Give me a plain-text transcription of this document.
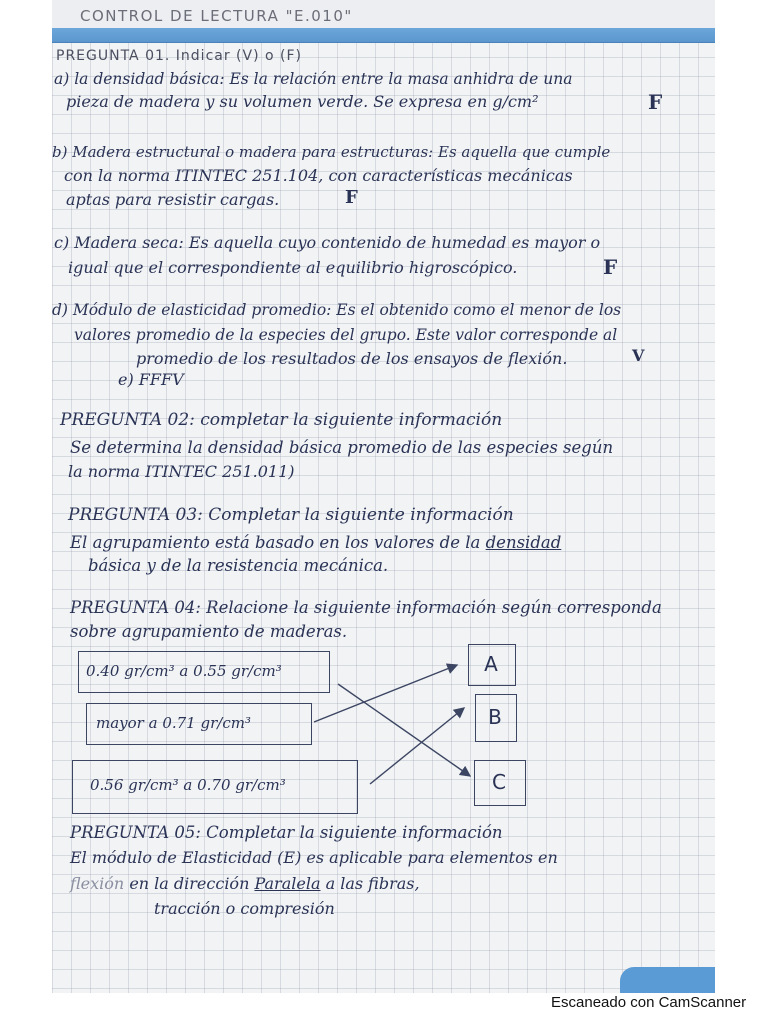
CONTROL DE LECTURA "E.010"
PREGUNTA 01. Indicar (V) o (F)
a) la densidad básica: Es la relación entre la masa anhidra de una
pieza de madera y su volumen verde. Se expresa en g/cm²	F
b) Madera estructural o madera para estructuras: Es aquella que cumple
con la norma ITINTEC 251.104, con características mecánicas
aptas para resistir cargas.	F
c) Madera seca: Es aquella cuyo contenido de humedad es mayor o
igual que el correspondiente al equilibrio higroscópico.	F
d) Módulo de elasticidad promedio: Es el obtenido como el menor de los
valores promedio de la especies del grupo. Este valor corresponde al
promedio de los resultados de los ensayos de flexión.	V
e) FFFV
PREGUNTA 02: completar la siguiente información
Se determina la densidad básica promedio de las especies según
la norma ITINTEC 251.011)
PREGUNTA 03: Completar la siguiente información
El agrupamiento está basado en los valores de la densidad
básica y de la resistencia mecánica.
PREGUNTA 04: Relacione la siguiente información según corresponda
sobre agrupamiento de maderas.
0.40 gr/cm³ a 0.55 gr/cm³
mayor a 0.71 gr/cm³
0.56 gr/cm³ a 0.70 gr/cm³
A
B
C
PREGUNTA 05: Completar la siguiente información
El módulo de Elasticidad (E) es aplicable para elementos en
flexión en la dirección Paralela a las fibras,
tracción o compresión
Escaneado con CamScanner
